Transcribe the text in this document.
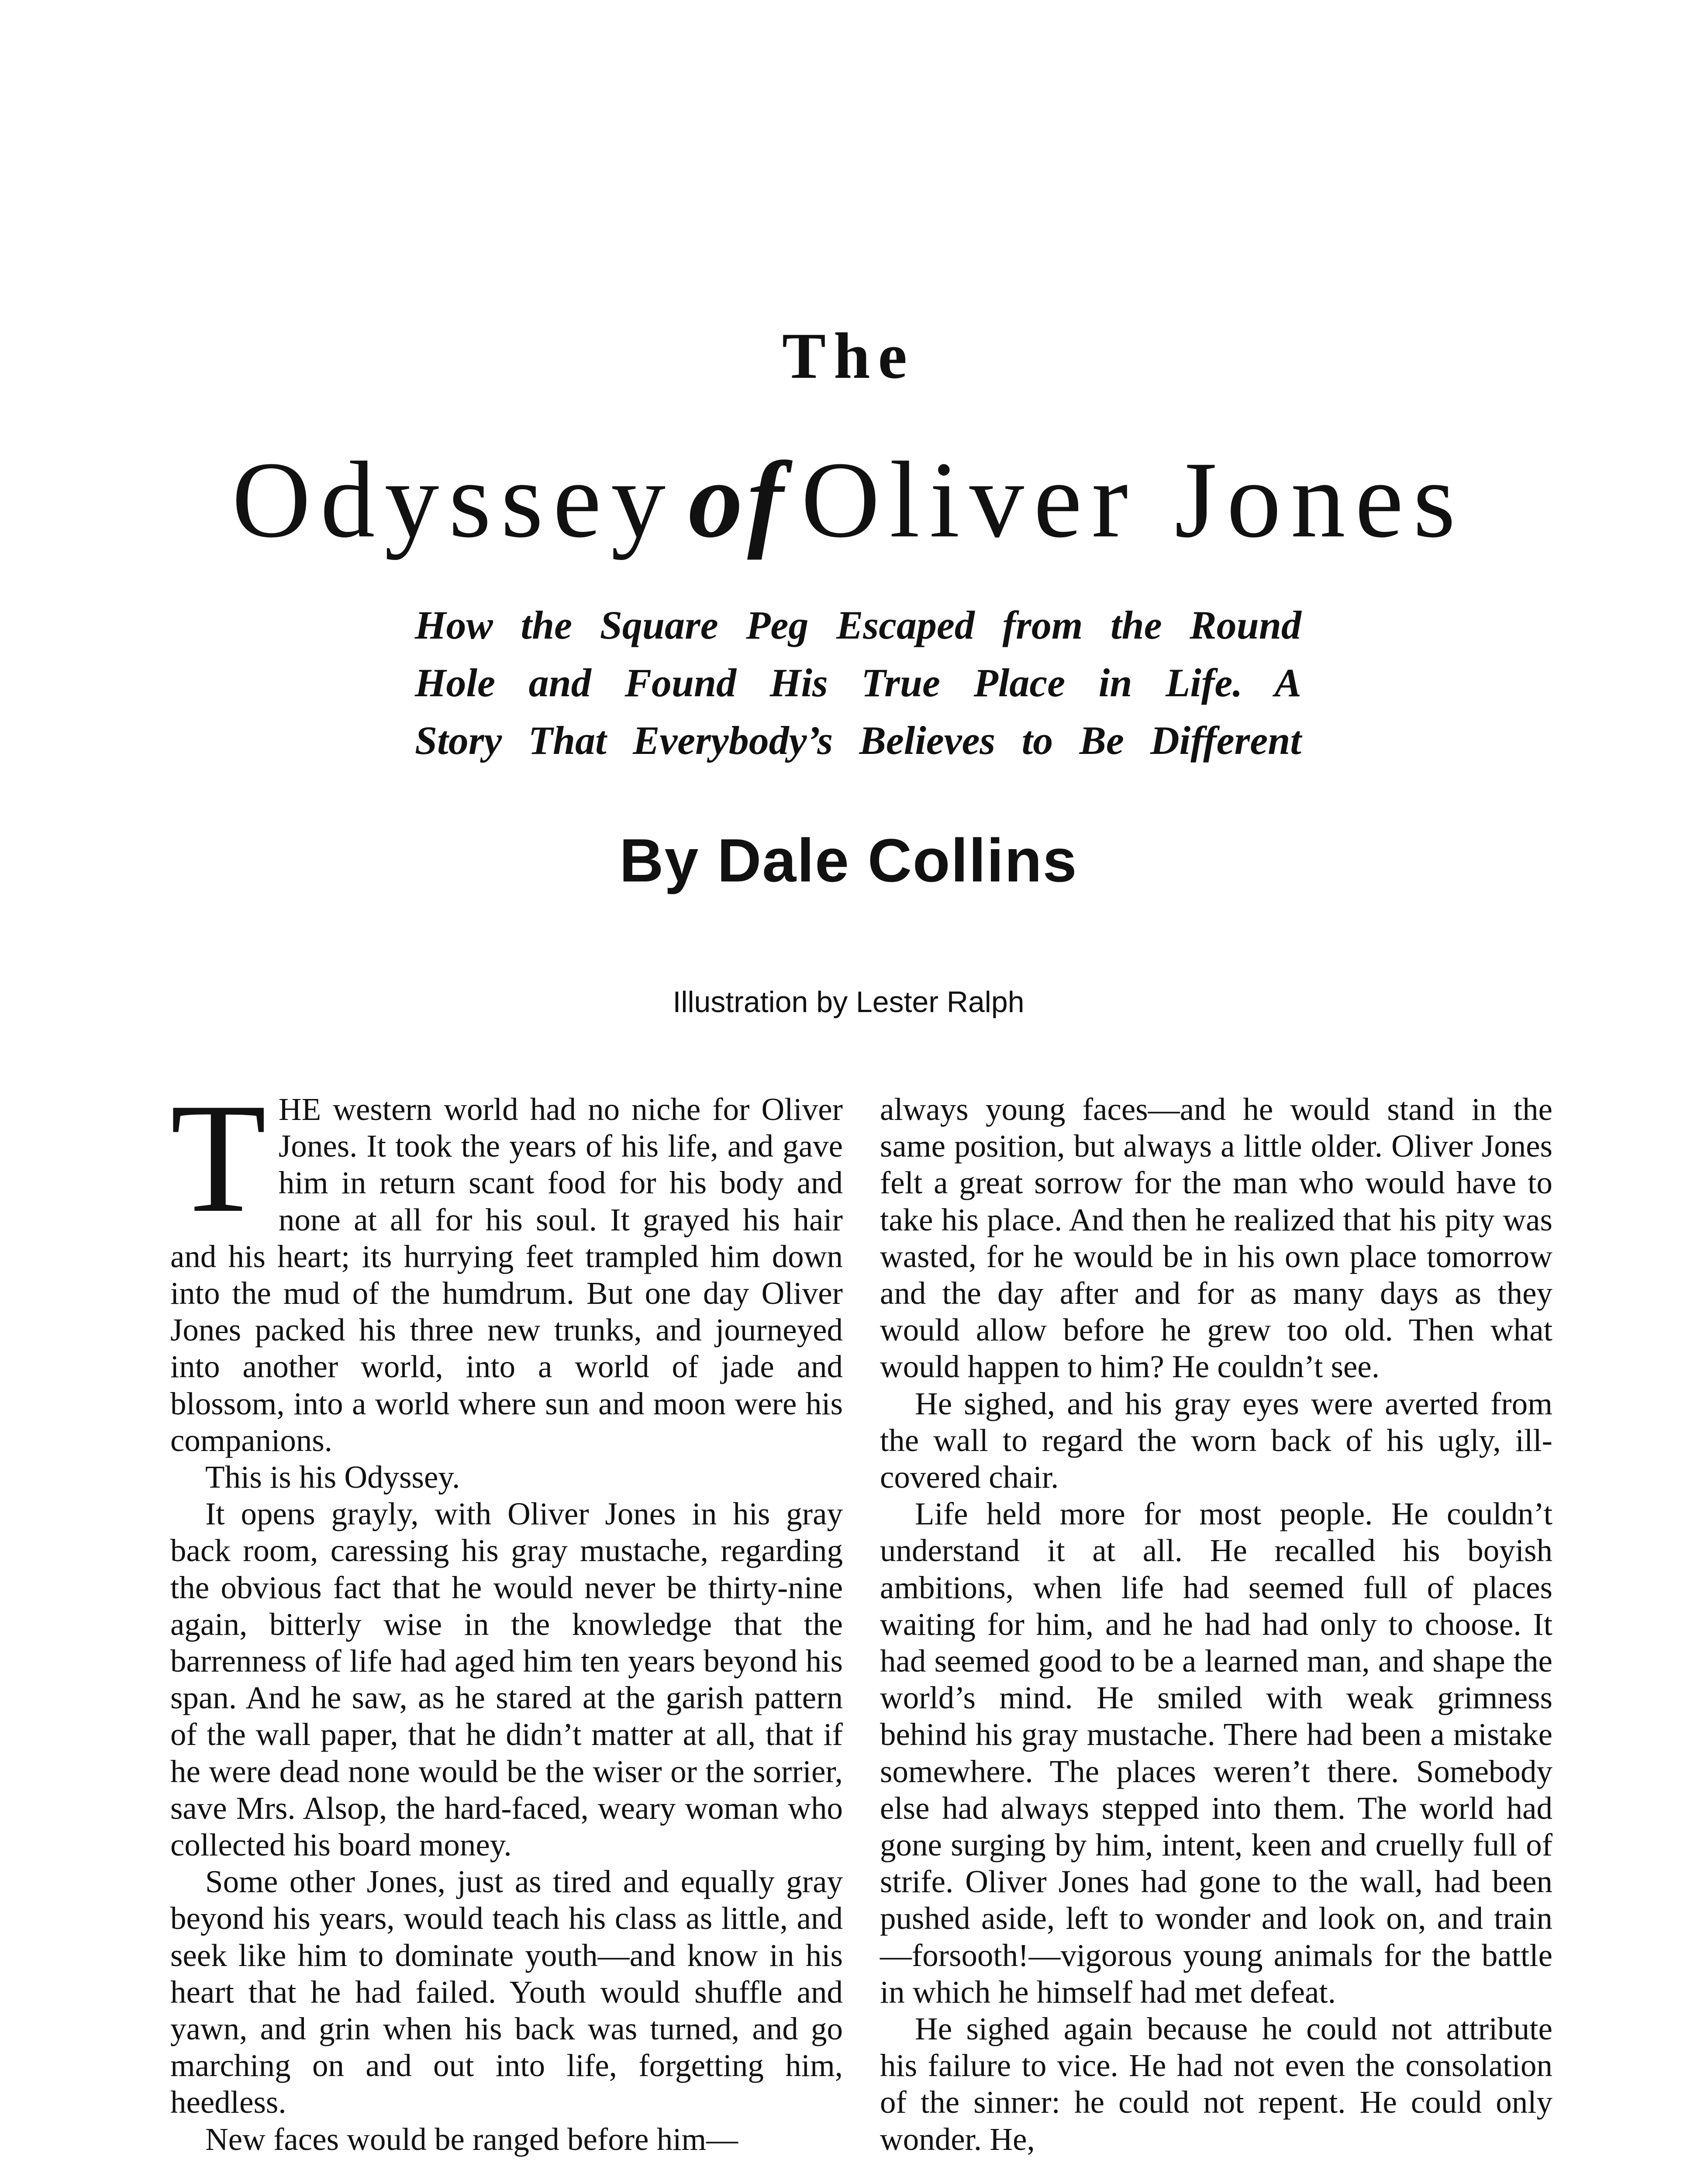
The
Odyssey of Oliver Jones
How the Square Peg Escaped from the Round
Hole and Found His True Place in Life. A
Story That Everybody’s Believes to Be Different
By Dale Collins
Illustration by Lester Ralph

THE western world had no niche for Oliver Jones. It took the years of his life, and gave him in return scant food for his body and none at all for his soul. It grayed his hair and his heart; its hurrying feet trampled him down into the mud of the humdrum. But one day Oliver Jones packed his three new trunks, and journeyed into another world, into a world of jade and blossom, into a world where sun and moon were his companions.

This is his Odyssey.

It opens grayly, with Oliver Jones in his gray back room, caressing his gray mustache, regarding the obvious fact that he would never be thirty-nine again, bitterly wise in the knowledge that the barrenness of life had aged him ten years beyond his span. And he saw, as he stared at the garish pattern of the wall paper, that he didn’t matter at all, that if he were dead none would be the wiser or the sorrier, save Mrs. Alsop, the hard-faced, weary woman who collected his board money.

Some other Jones, just as tired and equally gray beyond his years, would teach his class as little, and seek like him to dominate youth—and know in his heart that he had failed. Youth would shuffle and yawn, and grin when his back was turned, and go marching on and out into life, forgetting him, heedless.

New faces would be ranged before him—

always young faces—and he would stand in the same position, but always a little older. Oliver Jones felt a great sorrow for the man who would have to take his place. And then he realized that his pity was wasted, for he would be in his own place tomorrow and the day after and for as many days as they would allow before he grew too old. Then what would happen to him? He couldn’t see.

He sighed, and his gray eyes were averted from the wall to regard the worn back of his ugly, ill-covered chair.

Life held more for most people. He couldn’t understand it at all. He recalled his boyish ambitions, when life had seemed full of places waiting for him, and he had had only to choose. It had seemed good to be a learned man, and shape the world’s mind. He smiled with weak grimness behind his gray mustache. There had been a mistake somewhere. The places weren’t there. Somebody else had always stepped into them. The world had gone surging by him, intent, keen and cruelly full of strife. Oliver Jones had gone to the wall, had been pushed aside, left to wonder and look on, and train—forsooth!—vigorous young animals for the battle in which he himself had met defeat.

He sighed again because he could not attribute his failure to vice. He had not even the consolation of the sinner: he could not repent. He could only wonder. He,
